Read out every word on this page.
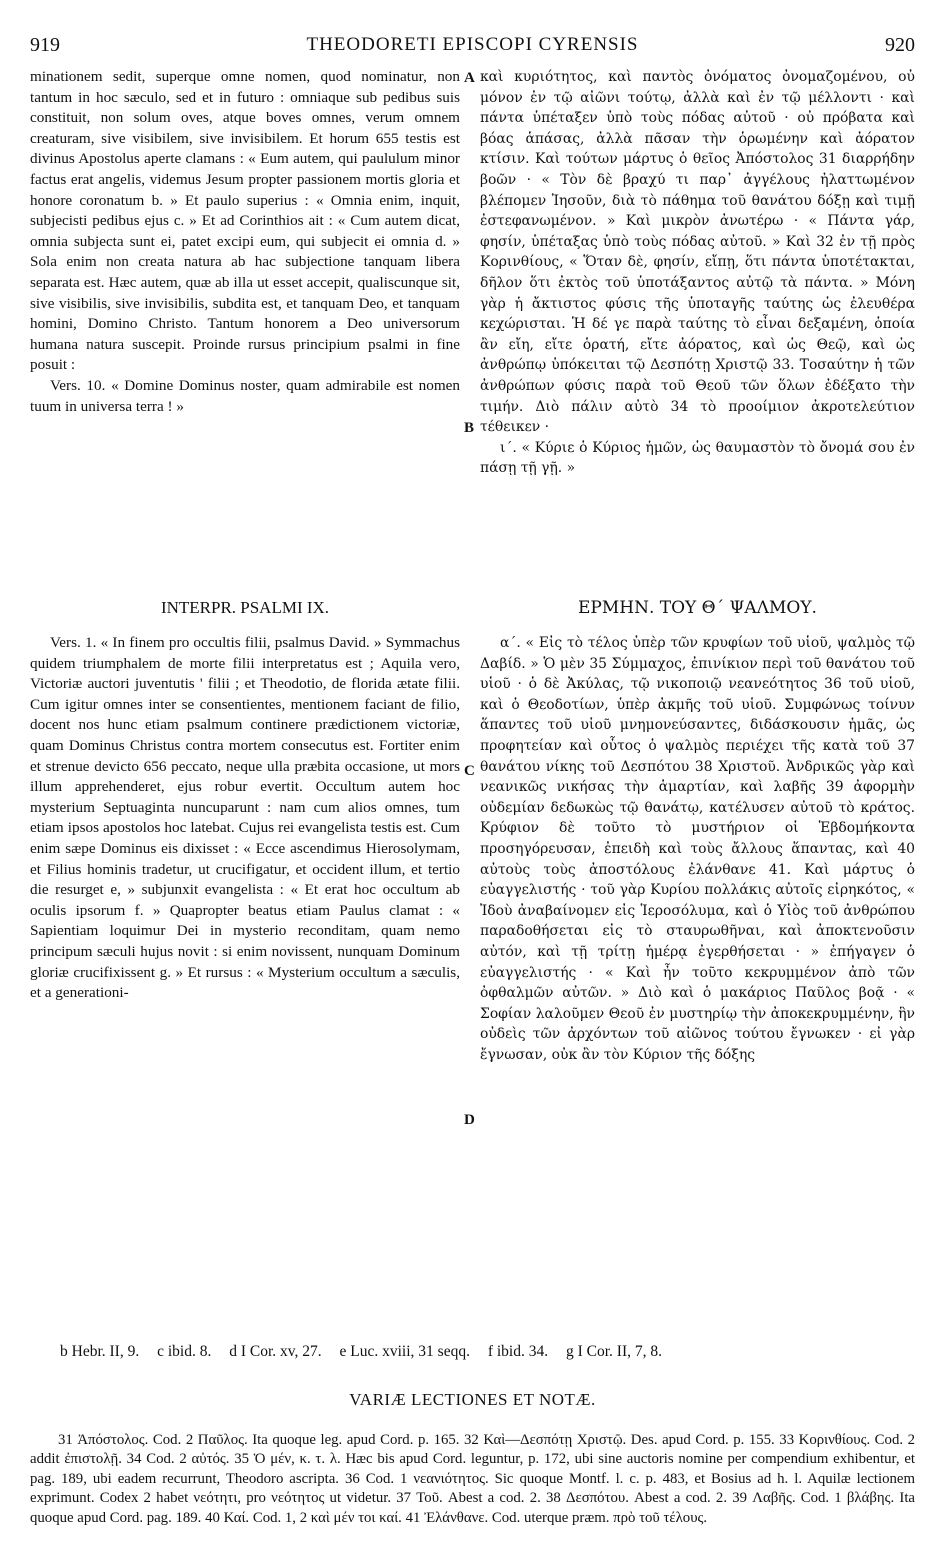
919	THEODORETI EPISCOPI CYRENSIS	920

minationem sedit, superque omne nomen, quod nominatur, non tantum in hoc sæculo, sed et in futuro : omniaque sub pedibus suis constituit, non solum oves, atque boves omnes, verum omnem creaturam, sive visibilem, sive invisibilem. Et horum 655 testis est divinus Apostolus aperte clamans : « Eum autem, qui paululum minor factus erat angelis, videmus Jesum propter passionem mortis gloria et honore coronatum b. » Et paulo superius : « Omnia enim, inquit, subjecisti pedibus ejus c. » Et ad Corinthios ait : « Cum autem dicat, omnia subjecta sunt ei, patet excipi eum, qui subjecit ei omnia d. » Sola enim non creata natura ab hac subjectione tanquam libera separata est. Hæc autem, quæ ab illa ut esset accepit, qualiscunque sit, sive visibilis, sive invisibilis, subdita est, et tanquam Deo, et tanquam homini, Domino Christo. Tantum honorem a Deo universorum humana natura suscepit. Proinde rursus principium psalmi in fine posuit :

Vers. 10. « Domine Dominus noster, quam admirabile est nomen tuum in universa terra ! »

καὶ κυριότητος, καὶ παντὸς ὀνόματος ὀνομαζομένου, οὐ μόνον ἐν τῷ αἰῶνι τούτῳ, ἀλλὰ καὶ ἐν τῷ μέλλοντι · καὶ πάντα ὑπέταξεν ὑπὸ τοὺς πόδας αὐτοῦ · οὐ πρόβατα καὶ βόας ἁπάσας, ἀλλὰ πᾶσαν τὴν ὁρωμένην καὶ ἀόρατον κτίσιν. Καὶ τούτων μάρτυς ὁ θεῖος Ἀπόστολος 31 διαρρήδην βοῶν · « Τὸν δὲ βραχύ τι παρ᾽ ἀγγέλους ἠλαττωμένον βλέπομεν Ἰησοῦν, διὰ τὸ πάθημα τοῦ θανάτου δόξῃ καὶ τιμῇ ἐστεφανωμένον. » Καὶ μικρὸν ἀνωτέρω · « Πάντα γάρ, φησίν, ὑπέταξας ὑπὸ τοὺς πόδας αὐτοῦ. » Καὶ 32 ἐν τῇ πρὸς Κορινθίους, « Ὅταν δὲ, φησίν, εἴπῃ, ὅτι πάντα ὑποτέτακται, δῆλον ὅτι ἐκτὸς τοῦ ὑποτάξαντος αὐτῷ τὰ πάντα. » Μόνη γὰρ ἡ ἄκτιστος φύσις τῆς ὑποταγῆς ταύτης ὡς ἐλευθέρα κεχώρισται. Ἡ δέ γε παρὰ ταύτης τὸ εἶναι δεξαμένη, ὁποία ἂν εἴη, εἴτε ὁρατή, εἴτε ἀόρατος, καὶ ὡς Θεῷ, καὶ ὡς ἀνθρώπῳ ὑπόκειται τῷ Δεσπότῃ Χριστῷ 33. Τοσαύτην ἡ τῶν ἀνθρώπων φύσις παρὰ τοῦ Θεοῦ τῶν ὅλων ἐδέξατο τὴν τιμήν. Διὸ πάλιν αὐτὸ 34 τὸ προοίμιον ἀκροτελεύτιον τέθεικεν ·

ι΄. « Κύριε ὁ Κύριος ἡμῶν, ὡς θαυμαστὸν τὸ ὄνομά σου ἐν πάσῃ τῇ γῇ. »

A
B
C
D
INTERPR. PSALMI IX.	ΕΡΜΗΝ. ΤΟΥ Θ΄ ΨΑΛΜΟΥ.

Vers. 1. « In finem pro occultis filii, psalmus David. » Symmachus quidem triumphalem de morte filii interpretatus est ; Aquila vero, Victoriæ auctori juventutis ' filii ; et Theodotio, de florida ætate filii. Cum igitur omnes inter se consentientes, mentionem faciant de filio, docent nos hunc etiam psalmum continere prædictionem victoriæ, quam Dominus Christus contra mortem consecutus est. Fortiter enim et strenue devicto 656 peccato, neque ulla præbita occasione, ut mors illum apprehenderet, ejus robur evertit. Occultum autem hoc mysterium Septuaginta nuncuparunt : nam cum alios omnes, tum etiam ipsos apostolos hoc latebat. Cujus rei evangelista testis est. Cum enim sæpe Dominus eis dixisset : « Ecce ascendimus Hierosolymam, et Filius hominis tradetur, ut crucifigatur, et occident illum, et tertio die resurget e, » subjunxit evangelista : « Et erat hoc occultum ab oculis ipsorum f. » Quapropter beatus etiam Paulus clamat : « Sapientiam loquimur Dei in mysterio reconditam, quam nemo principum sæculi hujus novit : si enim novissent, nunquam Dominum gloriæ crucifixissent g. » Et rursus : « Mysterium occultum a sæculis, et a generationi-

α΄. « Εἰς τὸ τέλος ὑπὲρ τῶν κρυφίων τοῦ υἱοῦ, ψαλμὸς τῷ Δαβίδ. » Ὁ μὲν 35 Σύμμαχος, ἐπινίκιον περὶ τοῦ θανάτου τοῦ υἱοῦ · ὁ δὲ Ἀκύλας, τῷ νικοποιῷ νεανεότητος 36 τοῦ υἱοῦ, καὶ ὁ Θεοδοτίων, ὑπὲρ ἀκμῆς τοῦ υἱοῦ. Συμφώνως τοίνυν ἅπαντες τοῦ υἱοῦ μνημονεύσαντες, διδάσκουσιν ἡμᾶς, ὡς προφητείαν καὶ οὗτος ὁ ψαλμὸς περιέχει τῆς κατὰ τοῦ 37 θανάτου νίκης τοῦ Δεσπότου 38 Χριστοῦ. Ἀνδρικῶς γὰρ καὶ νεανικῶς νικήσας τὴν ἁμαρτίαν, καὶ λαβῆς 39 ἀφορμὴν οὐδεμίαν δεδωκὼς τῷ θανάτῳ, κατέλυσεν αὐτοῦ τὸ κράτος. Κρύφιον δὲ τοῦτο τὸ μυστήριον οἱ Ἑβδομήκοντα προσηγόρευσαν, ἐπειδὴ καὶ τοὺς ἄλλους ἅπαντας, καὶ 40 αὐτοὺς τοὺς ἀποστόλους ἐλάνθανε 41. Καὶ μάρτυς ὁ εὐαγγελιστής · τοῦ γὰρ Κυρίου πολλάκις αὐτοῖς εἰρηκότος, « Ἰδοὺ ἀναβαίνομεν εἰς Ἱεροσόλυμα, καὶ ὁ Υἱὸς τοῦ ἀνθρώπου παραδοθήσεται εἰς τὸ σταυρωθῆναι, καὶ ἀποκτενοῦσιν αὐτόν, καὶ τῇ τρίτῃ ἡμέρᾳ ἐγερθήσεται · » ἐπήγαγεν ὁ εὐαγγελιστής · « Καὶ ἦν τοῦτο κεκρυμμένον ἀπὸ τῶν ὀφθαλμῶν αὐτῶν. » Διὸ καὶ ὁ μακάριος Παῦλος βοᾷ · « Σοφίαν λαλοῦμεν Θεοῦ ἐν μυστηρίῳ τὴν ἀποκεκρυμμένην, ἣν οὐδεὶς τῶν ἀρχόντων τοῦ αἰῶνος τούτου ἔγνωκεν · εἰ γὰρ ἔγνωσαν, οὐκ ἂν τὸν Κύριον τῆς δόξης

b Hebr. II, 9. c ibid. 8. d I Cor. xv, 27. e Luc. xviii, 31 seqq. f ibid. 34. g I Cor. II, 7, 8.
VARIÆ LECTIONES ET NOTÆ.

31 Ἀπόστολος. Cod. 2 Παῦλος. Ita quoque leg. apud Cord. p. 165. 32 Καὶ—Δεσπότῃ Χριστῷ. Des. apud Cord. p. 155. 33 Κορινθίους. Cod. 2 addit ἐπιστολῇ. 34 Cod. 2 αὐτός. 35 Ὁ μέν, κ. τ. λ. Hæc bis apud Cord. leguntur, p. 172, ubi sine auctoris nomine per compendium exhibentur, et pag. 189, ubi eadem recurrunt, Theodoro ascripta. 36 Cod. 1 νεανιότητος. Sic quoque Montf. l. c. p. 483, et Bosius ad h. l. Aquilæ lectionem exprimunt. Codex 2 habet νεότητι, pro νεότητος ut videtur. 37 Τοῦ. Abest a cod. 2. 38 Δεσπότου. Abest a cod. 2. 39 Λαβῆς. Cod. 1 βλάβης. Ita quoque apud Cord. pag. 189. 40 Καί. Cod. 1, 2 καὶ μέν τοι καί. 41 Ἐλάνθανε. Cod. uterque præm. πρὸ τοῦ τέλους.
